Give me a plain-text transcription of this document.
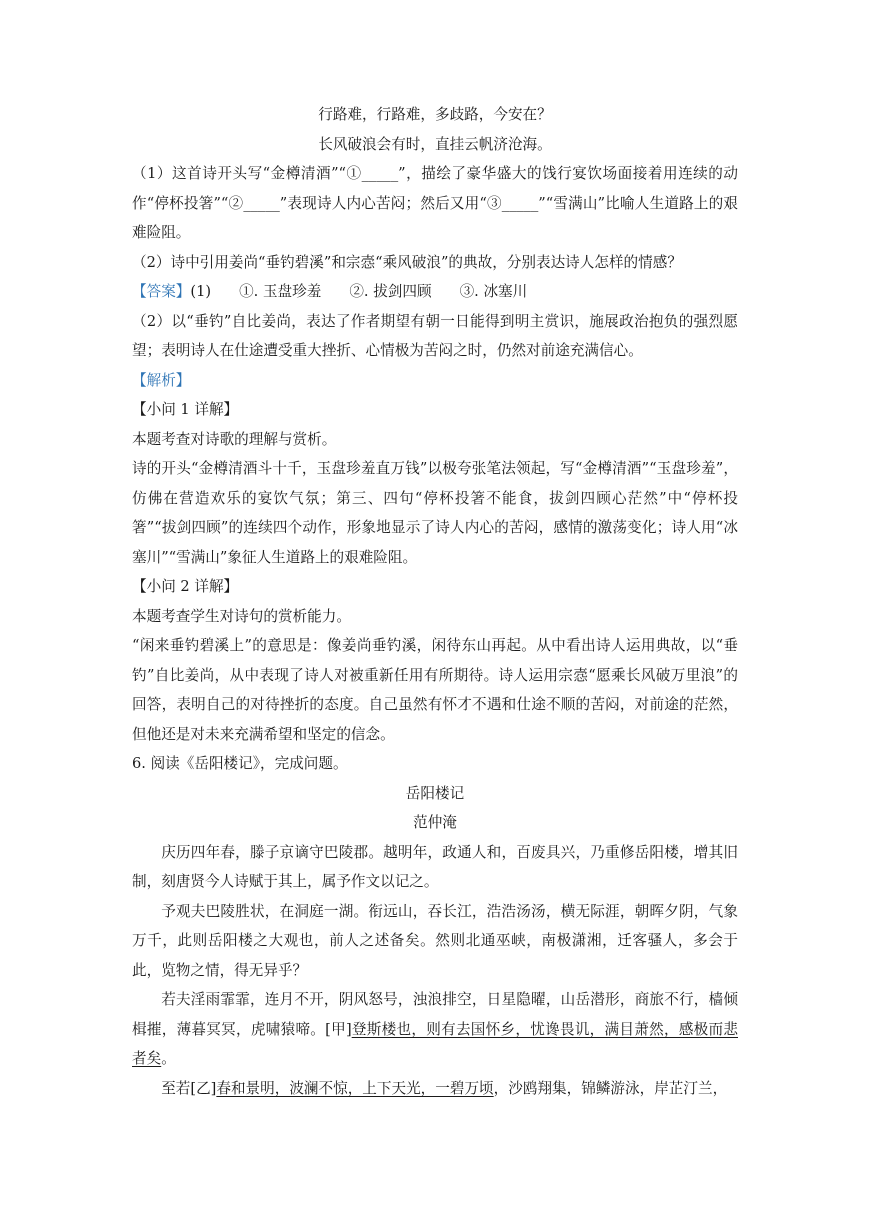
行路难，行路难，多歧路，今安在？

长风破浪会有时，直挂云帆济沧海。

（1）这首诗开头写“金樽清酒”“①_____”，描绘了豪华盛大的饯行宴饮场面接着用连续的动作“停杯投箸”“②_____”表现诗人内心苦闷；然后又用“③_____”“雪满山”比喻人生道路上的艰难险阻。

（2）诗中引用姜尚“垂钓碧溪”和宗悫“乘风破浪”的典故，分别表达诗人怎样的情感？

【答案】(1) ①. 玉盘珍羞 ②. 拔剑四顾 ③. 冰塞川

（2）以“垂钓”自比姜尚，表达了作者期望有朝一日能得到明主赏识，施展政治抱负的强烈愿望；表明诗人在仕途遭受重大挫折、心情极为苦闷之时，仍然对前途充满信心。

【解析】

【小问 1 详解】

本题考查对诗歌的理解与赏析。

诗的开头“金樽清酒斗十千，玉盘珍羞直万钱”以极夸张笔法领起，写“金樽清酒”“玉盘珍羞”，仿佛在营造欢乐的宴饮气氛；第三、四句“停杯投箸不能食，拔剑四顾心茫然”中“停杯投箸”“拔剑四顾”的连续四个动作，形象地显示了诗人内心的苦闷，感情的激荡变化；诗人用“冰塞川”“雪满山”象征人生道路上的艰难险阻。

【小问 2 详解】

本题考查学生对诗句的赏析能力。

“闲来垂钓碧溪上”的意思是：像姜尚垂钓溪，闲待东山再起。从中看出诗人运用典故，以“垂钓”自比姜尚，从中表现了诗人对被重新任用有所期待。诗人运用宗悫“愿乘长风破万里浪”的回答，表明自己的对待挫折的态度。自己虽然有怀才不遇和仕途不顺的苦闷，对前途的茫然，但他还是对未来充满希望和坚定的信念。

6. 阅读《岳阳楼记》，完成问题。

岳阳楼记

范仲淹

庆历四年春，滕子京谪守巴陵郡。越明年，政通人和，百废具兴，乃重修岳阳楼，增其旧制，刻唐贤今人诗赋于其上，属予作文以记之。

予观夫巴陵胜状，在洞庭一湖。衔远山，吞长江，浩浩汤汤，横无际涯，朝晖夕阴，气象万千，此则岳阳楼之大观也，前人之述备矣。然则北通巫峡，南极潇湘，迁客骚人，多会于此，览物之情，得无异乎？

若夫淫雨霏霏，连月不开，阴风怒号，浊浪排空，日星隐曜，山岳潜形，商旅不行，樯倾楫摧，薄暮冥冥，虎啸猿啼。[甲]登斯楼也，则有去国怀乡，忧谗畏讥，满目萧然，感极而悲者矣。

至若[乙]春和景明，波澜不惊，上下天光，一碧万顷，沙鸥翔集，锦鳞游泳，岸芷汀兰，
